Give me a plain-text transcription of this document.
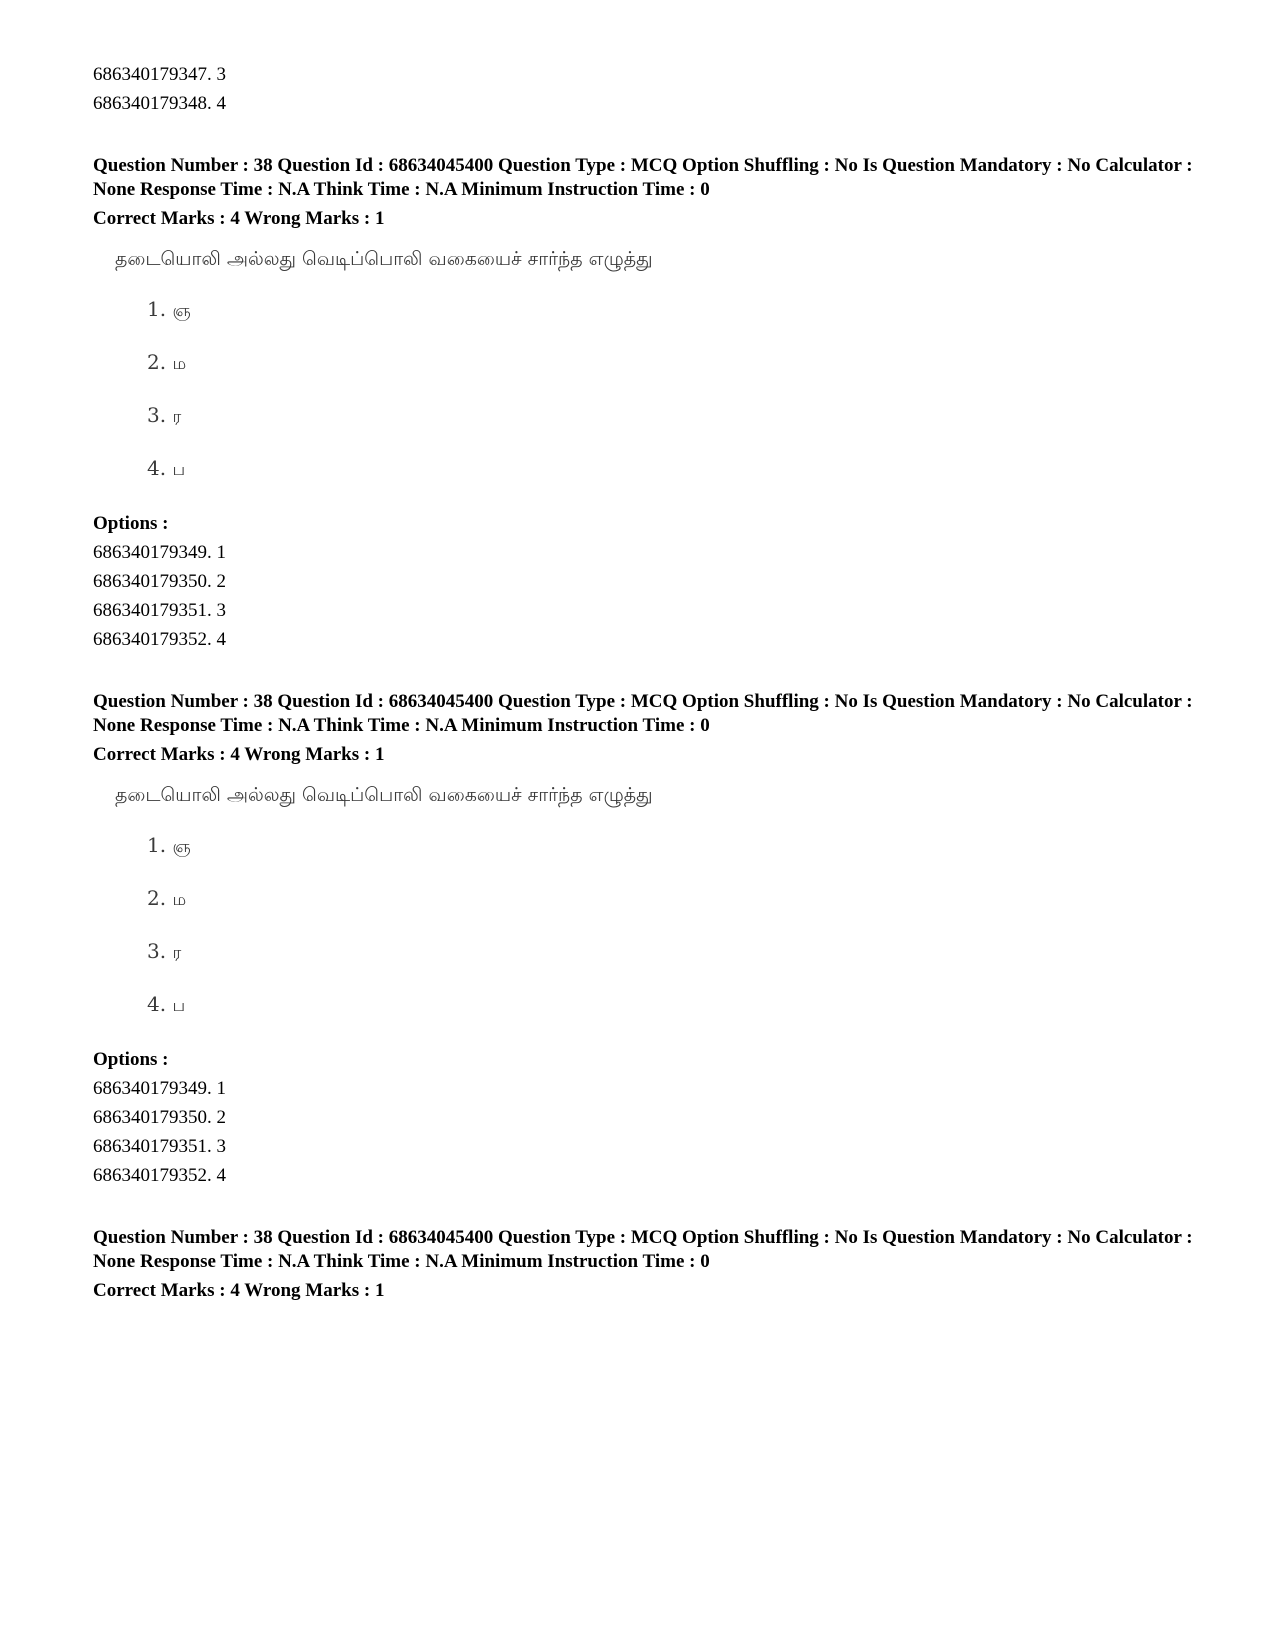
686340179347. 3
686340179348. 4
Question Number : 38 Question Id : 68634045400 Question Type : MCQ Option Shuffling : No Is Question Mandatory : No Calculator : None Response Time : N.A Think Time : N.A Minimum Instruction Time : 0
Correct Marks : 4 Wrong Marks : 1
தடையொலி அல்லது வெடிப்பொலி வகையைச் சார்ந்த எழுத்து
1. ஞ
2. ம
3. ர
4. ப
Options :
686340179349. 1
686340179350. 2
686340179351. 3
686340179352. 4
Question Number : 38 Question Id : 68634045400 Question Type : MCQ Option Shuffling : No Is Question Mandatory : No Calculator : None Response Time : N.A Think Time : N.A Minimum Instruction Time : 0
Correct Marks : 4 Wrong Marks : 1
தடையொலி அல்லது வெடிப்பொலி வகையைச் சார்ந்த எழுத்து
1. ஞ
2. ம
3. ர
4. ப
Options :
686340179349. 1
686340179350. 2
686340179351. 3
686340179352. 4
Question Number : 38 Question Id : 68634045400 Question Type : MCQ Option Shuffling : No Is Question Mandatory : No Calculator : None Response Time : N.A Think Time : N.A Minimum Instruction Time : 0
Correct Marks : 4 Wrong Marks : 1
